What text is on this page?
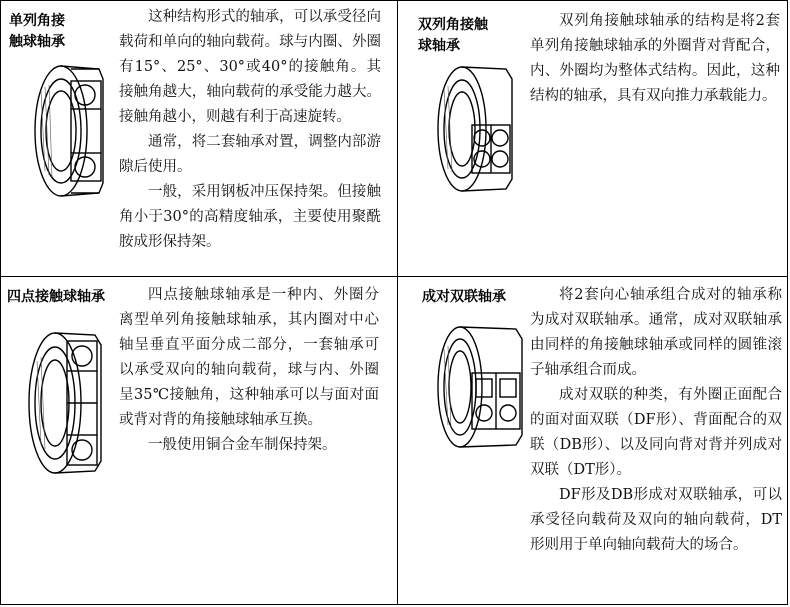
单列角接
触球轴承

这种结构形式的轴承，可以承受径向载荷和单向的轴向载荷。球与内圈、外圈有15°、25°、30°或40°的接触角。其接触角越大，轴向载荷的承受能力越大。接触角越小，则越有利于高速旋转。

通常，将二套轴承对置，调整内部游隙后使用。

一般，采用钢板冲压保持架。但接触角小于30°的高精度轴承，主要使用聚酰胺成形保持架。

双列角接触
球轴承

双列角接触球轴承的结构是将2套单列角接触球轴承的外圈背对背配合，内、外圈均为整体式结构。因此，这种结构的轴承，具有双向推力承载能力。

四点接触球轴承	四点接触球轴承是一种内、外圈分离型单列角接触球轴承，其内圈对中心轴呈垂直平面分成二部分，一套轴承可以承受双向的轴向载荷，球与内、外圈呈35℃接触角，这种轴承可以与面对面或背对背的角接触球轴承互换。

一般使用铜合金车制保持架。

成对双联轴承	将2套向心轴承组合成对的轴承称为成对双联轴承。通常，成对双联轴承由同样的角接触球轴承或同样的圆锥滚子轴承组合而成。

成对双联的种类，有外圈正面配合的面对面双联（DF形）、背面配合的双联（DB形）、以及同向背对背并列成对双联（DT形）。

DF形及DB形成对双联轴承，可以承受径向载荷及双向的轴向载荷，DT形则用于单向轴向载荷大的场合。
